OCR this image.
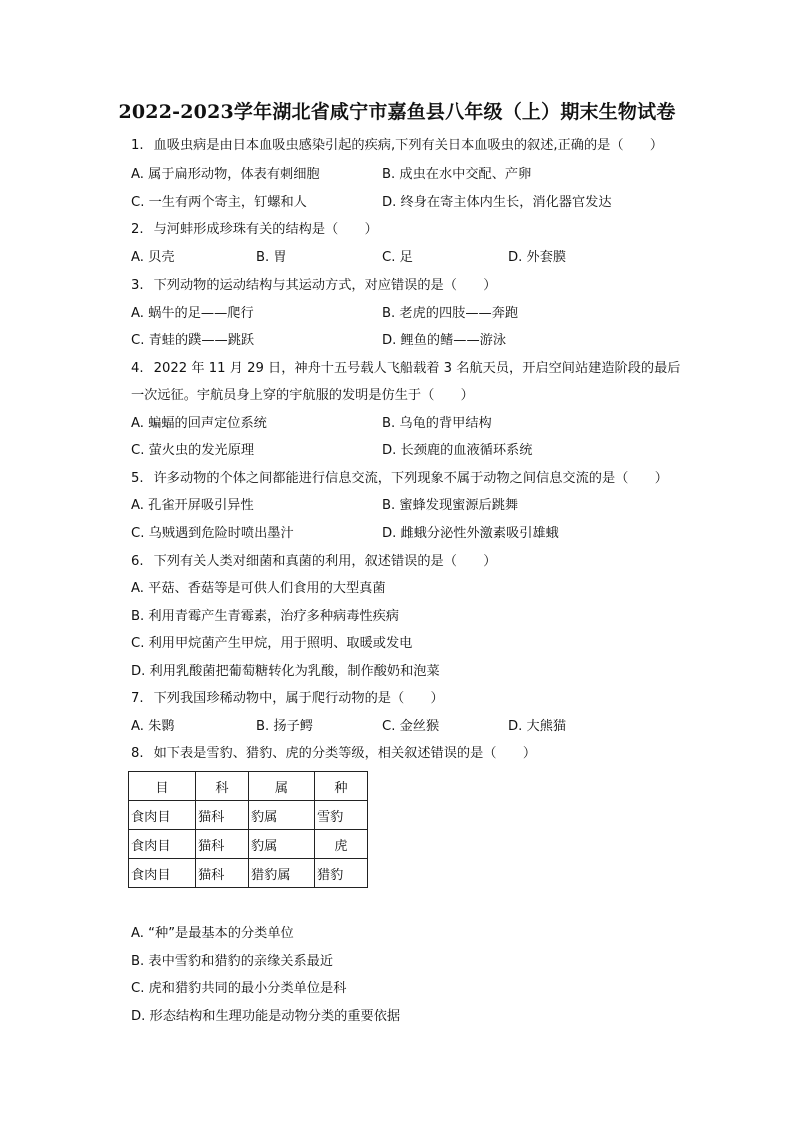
2022-2023学年湖北省咸宁市嘉鱼县八年级（上）期末生物试卷
1. 血吸虫病是由日本血吸虫感染引起的疾病,下列有关日本血吸虫的叙述,正确的是（　　）
A. 属于扁形动物，体表有刺细胞	B. 成虫在水中交配、产卵
C. 一生有两个寄主，钉螺和人	D. 终身在寄主体内生长，消化器官发达
2. 与河蚌形成珍珠有关的结构是（　　）
A. 贝壳	B. 胃	C. 足	D. 外套膜
3. 下列动物的运动结构与其运动方式，对应错误的是（　　）
A. 蜗牛的足——爬行	B. 老虎的四肢——奔跑
C. 青蛙的蹼——跳跃	D. 鲤鱼的鳍——游泳
4. 2022 年 11 月 29 日，神舟十五号载人飞船载着 3 名航天员，开启空间站建造阶段的最后
一次远征。宇航员身上穿的宇航服的发明是仿生于（　　）
A. 蝙蝠的回声定位系统	B. 乌龟的背甲结构
C. 萤火虫的发光原理	D. 长颈鹿的血液循环系统
5. 许多动物的个体之间都能进行信息交流，下列现象不属于动物之间信息交流的是（　　）
A. 孔雀开屏吸引异性	B. 蜜蜂发现蜜源后跳舞
C. 乌贼遇到危险时喷出墨汁	D. 雌蛾分泌性外激素吸引雄蛾
6. 下列有关人类对细菌和真菌的利用，叙述错误的是（　　）
A. 平菇、香菇等是可供人们食用的大型真菌
B. 利用青霉产生青霉素，治疗多种病毒性疾病
C. 利用甲烷菌产生甲烷，用于照明、取暖或发电
D. 利用乳酸菌把葡萄糖转化为乳酸，制作酸奶和泡菜
7. 下列我国珍稀动物中，属于爬行动物的是（　　）
A. 朱鹮	B. 扬子鳄	C. 金丝猴	D. 大熊猫
8. 如下表是雪豹、猎豹、虎的分类等级，相关叙述错误的是（　　）
目	科	属	种
食肉目	猫科	豹属	雪豹
食肉目	猫科	豹属	虎
食肉目	猫科	猎豹属	猎豹
A. “种”是最基本的分类单位
B. 表中雪豹和猎豹的亲缘关系最近
C. 虎和猎豹共同的最小分类单位是科
D. 形态结构和生理功能是动物分类的重要依据
